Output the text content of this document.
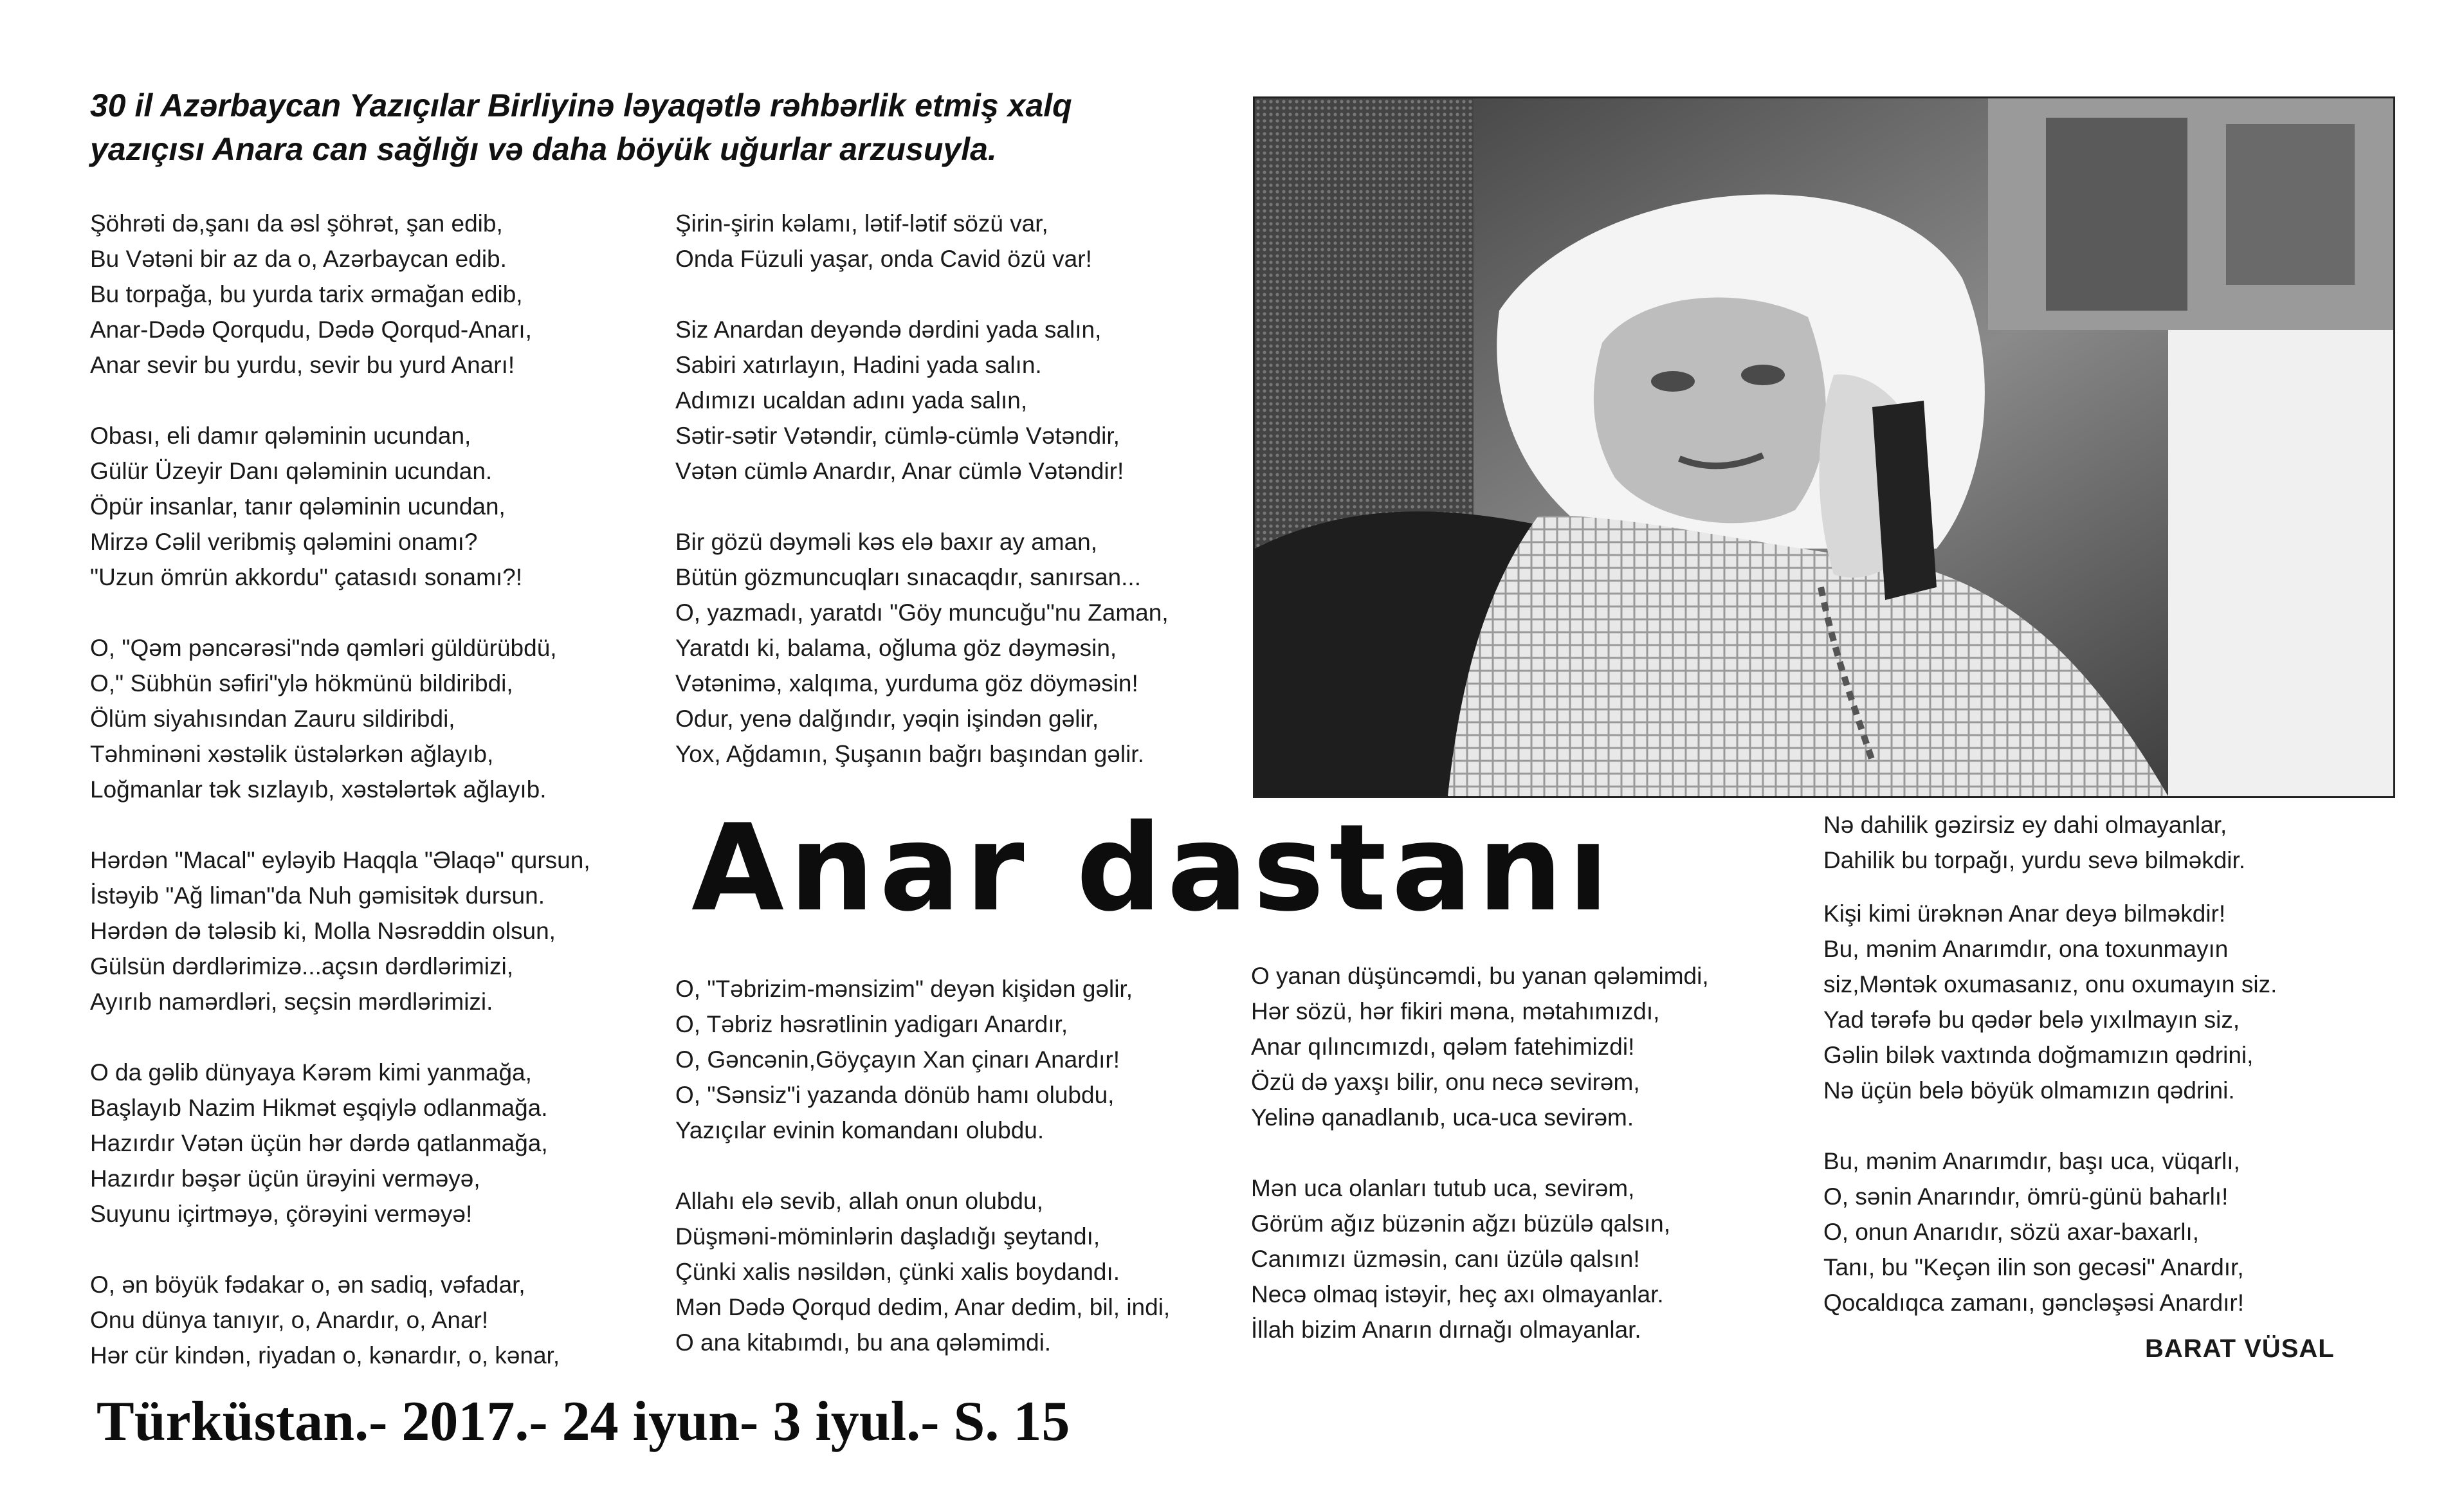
30 il Azərbaycan Yazıçılar Birliyinə ləyaqətlə rəhbərlik etmiş xalq
yazıçısı Anara can sağlığı və daha böyük uğurlar arzusuyla.
Şöhrəti də,şanı da əsl şöhrət, şan edib,
Bu Vətəni bir az da o, Azərbaycan edib.
Bu torpağa, bu yurda tarix ərmağan edib,
Anar-Dədə Qorqudu, Dədə Qorqud-Anarı,
Anar sevir bu yurdu, sevir bu yurd Anarı!
Obası, eli damır qələminin ucundan,
Gülür Üzeyir Danı qələminin ucundan.
Öpür insanlar, tanır qələminin ucundan,
Mirzə Cəlil veribmiş qələmini onamı?
"Uzun ömrün akkordu" çatasıdı sonamı?!
O, "Qəm pəncərəsi"ndə qəmləri güldürübdü,
O," Sübhün səfiri"ylə hökmünü bildiribdi,
Ölüm siyahısından Zauru sildiribdi,
Təhminəni xəstəlik üstələrkən ağlayıb,
Loğmanlar tək sızlayıb, xəstələrtək ağlayıb.
Hərdən "Macal" eyləyib Haqqla "Əlaqə" qursun,
İstəyib "Ağ liman"da Nuh gəmisitək dursun.
Hərdən də tələsib ki, Molla Nəsrəddin olsun,
Gülsün dərdlərimizə...açsın dərdlərimizi,
Ayırıb namərdləri, seçsin mərdlərimizi.
O da gəlib dünyaya Kərəm kimi yanmağa,
Başlayıb Nazim Hikmət eşqiylə odlanmağa.
Hazırdır Vətən üçün hər dərdə qatlanmağa,
Hazırdır bəşər üçün ürəyini verməyə,
Suyunu içirtməyə, çörəyini verməyə!
O, ən böyük fədakar o, ən sadiq, vəfadar,
Onu dünya tanıyır, o, Anardır, o, Anar!
Hər cür kindən, riyadan o, kənardır, o, kənar,
Şirin-şirin kəlamı, lətif-lətif sözü var,
Onda Füzuli yaşar, onda Cavid özü var!
Siz Anardan deyəndə dərdini yada salın,
Sabiri xatırlayın, Hadini yada salın.
Adımızı ucaldan adını yada salın,
Sətir-sətir Vətəndir, cümlə-cümlə Vətəndir,
Vətən cümlə Anardır, Anar cümlə Vətəndir!
Bir gözü dəyməli kəs elə baxır ay aman,
Bütün gözmuncuqları sınacaqdır, sanırsan...
O, yazmadı, yaratdı "Göy muncuğu"nu Zaman,
Yaratdı ki, balama, oğluma göz dəyməsin,
Vətənimə, xalqıma, yurduma göz döyməsin!
Odur, yenə dalğındır, yəqin işindən gəlir,
Yox, Ağdamın, Şuşanın bağrı başından gəlir.
Anar dastanı
O, "Təbrizim-mənsizim" deyən kişidən gəlir,
O, Təbriz həsrətlinin yadigarı Anardır,
O, Gəncənin,Göyçayın Xan çinarı Anardır!
O, "Sənsiz"i yazanda dönüb hamı olubdu,
Yazıçılar evinin komandanı olubdu.
Allahı elə sevib, allah onun olubdu,
Düşməni-möminlərin daşladığı şeytandı,
Çünki xalis nəsildən, çünki xalis boydandı.
Mən Dədə Qorqud dedim, Anar dedim, bil, indi,
O ana kitabımdı, bu ana qələmimdi.
O yanan düşüncəmdi, bu yanan qələmimdi,
Hər sözü, hər fikiri məna, mətahımızdı,
Anar qılıncımızdı, qələm fatehimizdi!
Özü də yaxşı bilir, onu necə sevirəm,
Yelinə qanadlanıb, uca-uca sevirəm.
Mən uca olanları tutub uca, sevirəm,
Görüm ağız büzənin ağzı büzülə qalsın,
Canımızı üzməsin, canı üzülə qalsın!
Necə olmaq istəyir, heç axı olmayanlar.
İllah bizim Anarın dırnağı olmayanlar.
Nə dahilik gəzirsiz ey dahi olmayanlar,
Dahilik bu torpağı, yurdu sevə bilməkdir.
Kişi kimi ürəknən Anar deyə bilməkdir!
Bu, mənim Anarımdır, ona toxunmayın
siz,Məntək oxumasanız, onu oxumayın siz.
Yad tərəfə bu qədər belə yıxılmayın siz,
Gəlin bilək vaxtında doğmamızın qədrini,
Nə üçün belə böyük olmamızın qədrini.
Bu, mənim Anarımdır, başı uca, vüqarlı,
O, sənin Anarındır, ömrü-günü baharlı!
O, onun Anarıdır, sözü axar-baxarlı,
Tanı, bu "Keçən ilin son gecəsi" Anardır,
Qocaldıqca zamanı, gəncləşəsi Anardır!
BARAT VÜSAL
Türküstan.- 2017.- 24 iyun- 3 iyul.- S. 15
